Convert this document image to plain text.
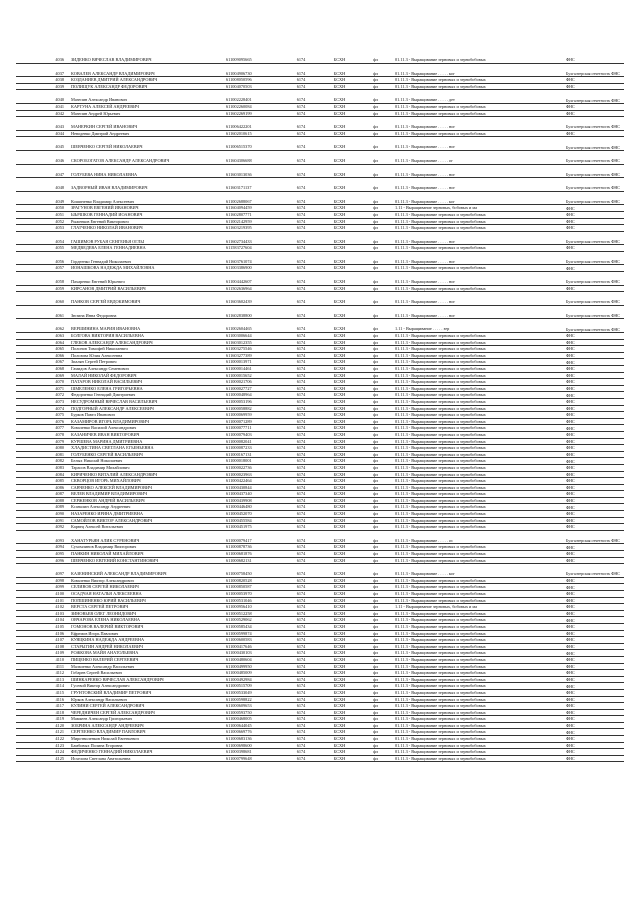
4036	ЗИДЕНКО ВЯЧЕСЛАВ ВЛАДИМИРОВИЧ	611009095665	6174	БСХН	фл	01.11.3 - Выращивание зерновых и зернобобовых	ФНС
4037	КОВАЛЕВ АЛЕКСАНДР ВЛАДИМИРОВИЧ	611004906730	6174	БСХН	фл	01.11.3 - Выращивание . . . . . ког	Бухгалтерская отчетность ФНС
4038	КОЗДАНИЕВ ДМИТРИЙ АЛЕКСАНДРОВИЧ	611008050596	6174	БСХН	фл	01.11.3 - Выращивание зерновых и зернобобовых	ФНС
4039	ПОЛИЩУК АЛЕКСАНДР ФЕДОРОВИЧ	611004070503	6174	БСХН	фл	01.11.3 - Выращивание зерновых и зернобобовых	ФНС
4040	Мазепин Александр Иванович	611002228401	6174	БСХН	фл	01.11.3 - Выращивание . . . . . дет	Бухгалтерская отчетность ФНС
4041	КАРТУНА АЛЕКСЕЙ АНДРЕЕВИЧ	611002260084	6174	БСХН	фл	01.11.3 - Выращивание зерновых и зернобобовых	ФНС
4042	Мазепин Андрей Юрьевич	611602269199	6174	БСХН	фл	01.11.3 - Выращивание зерновых и зернобобовых	ФНС
4043	МАНЕРКИН СЕРГЕЙ ИВАНОВИЧ	611006422201	6174	БСХН	фл	01.11.3 - Выращивание . . . . . ног	Бухгалтерская отчетность ФНС
4044	Неводенко Дмитрий Андреевич	611602010615	6174	БСХН	фл	01.11.3 - Выращивание зерновых и зернобобовых	ФНС
4045	ШЕВЧЕНКО СЕРГЕЙ НИКОЛАЕВИЧ	611006515370	6174	БСХН	фл	01.11.3 - Выращивание . . . . . ног	Бухгалтерская отчетность ФНС
4046	СКОРОБОГАТОВ АЛЕКСАНДР АЛЕКСАНДРОВИЧ	611604306688	6174	БСХН	фл	01.11.3 - Выращивание . . . . . ог	Бухгалтерская отчетность ФНС
4047	ГОЛУБЕВА НИНА НИКОЛАЕВНА	611603013036	6174	БСХН	фл	01.11.3 - Выращивание . . . . . ног	Бухгалтерская отчетность ФНС
4048	ЗАДВОРНЫЙ ИВАН ВЛАДИМИРОВИЧ	611603171137	6174	БСХН	фл	01.11.3 - Выращивание . . . . . ног	Бухгалтерская отчетность ФНС
4049	Кошиненко Владимир Алексеевич	611002688067	6174	БСХН	фл	01.11.3 - Выращивание . . . . . ког	Бухгалтерская отчетность ФНС
4050	ЗРАГУНОВ ЕВГЕНИЙ ИВАНОВИЧ	611604094459	6174	БСХН	фл	1.11 - Выращивание зерновых, бобовых и ма	ФНС
4051	ЫЬРШКОВ ГЕННАДИЙ ИОАНОВИЧ	611602807771	6174	БСХН	фл	01.11.3 - Выращивание зерновых и зернобобовых	ФНС
4052	Рыженков Евгений Викторович	611002142959	6174	БСХН	фл	01.11.3 - Выращивание зерновых и зернобобовых	ФНС
4053	ГЛАТЧЕНКО НИКОЛАЙ ИВАНОВИЧ	611603219395	6174	БСХН	фл	01.11.3 - Выращивание зерновых и зернобобовых	ФНС
4054	ГАШИМОВ РУБАЯ СЕНГЕИЬЯ ОГЛЫ	611602734433	6174	БСХН	фл	01.11.3 - Выращивание . . . . . ног	Бухгалтерская отчетность ФНС
4055	МЕДВЕДЕВА ЕЛЕНА ГЕННАДИЕВНА	611583727604	6174	БСХН	фл	01.11.3 - Выращивание зерновых и зернобобовых	ФНС
4056	Гордеенко Геннадий Николаевич	611603761074	6174	БСХН	фл	01.11.3 - Выращивание . . . . . ног	Бухгалтерская отчетность ФНС
4057	ИОНАШКОВА НАДЕЖДА МИХАЙЛОВНА	611003386900	6174	БСХН	фл	01.11.3 - Выращивание зерновых и зернобобовых	ФНС
4058	Пахаренко Евгений Юрьевич	611004442607	6174	БСХН	фл	01.11.3 - Выращивание . . . . . ног	Бухгалтерская отчетность ФНС
4059	КИРСАНОВ ДМИТРИЙ ВАСИЛЬЕВИЧ	611502636964	6174	БСХН	фл	01.11.3 - Выращивание зерновых и зернобобовых	ФНС
4060	ПАНКОВ СЕРГЕЙ ЕВДОКИМОВИЧ	611603602439	6174	БСХН	фл	01.11.3 - Выращивание . . . . . ног	Бухгалтерская отчетность ФНС
4061	Зюзина Инна Федоровна	611602838800	6174	БСХН	фл	01.11.3 - Выращивание . . . . . ног	Бухгалтерская отчетность ФНС
4062	ВЕРШИНИНА МАРИЯ ИВАНОВНА	611002604465	6174	БСХН	фл	1.11 - Выращивание . . . . . зер	Бухгалтерская отчетность ФНС
4063	БОЛГОВА ВИКТОРИЯ ВАСИЛЬЕВНА	611003006644	6174	БСХН	фл	01.11.3 - Выращивание зерновых и зернобобовых	ФНС
4064	ГЛЕКОВ АЛЕКСАНДР АЛЕКСАНДРОВИЧ	611603012355	6174	БСХН	фл	01.11.3 - Выращивание зерновых и зернобобовых	ФНС
4065	Полонов Тимофей Николаевич	611003275546	6174	БСХН	фл	01.11.3 - Выращивание зерновых и зернобобовых	ФНС
4066	Полозова Юлия Алексеевна	611603277389	6174	БСХН	фл	01.11.3 - Выращивание зерновых и зернобобовых	ФНС
4067	Зиалян Сергей Петрович	611000013971	6174	БСХН	фл	01.11.3 - Выращивание зерновых и зернобобовых	ФНС
4068	Гамидов Александр Семенович	611000014461	6174	БСХН	фл	01.11.3 - Выращивание зерновых и зернобобовых	ФНС
4069	МАЛАЙ НИКОЛАЙ ФЕДОРОВИЧ	611000015652	6174	БСХН	фл	01.11.3 - Выращивание зерновых и зернобобовых	ФНС
4070	ПАТАРОВ НИКОЛАЙ ВАСИЛЬЕВИЧ	611000021706	6174	БСХН	фл	01.11.3 - Выращивание зерновых и зернобобовых	ФНС
4071	ШМЕЛЕНКО ЕЛЕНА ГРИГОРЬЕВНА	611000027727	6174	БСХН	фл	01.11.3 - Выращивание зерновых и зернобобовых	ФНС
4072	Федорченко Геннадий Дмитриевич	611000048964	6174	БСХН	фл	01.11.3 - Выращивание зерновых и зернобобовых	ФНС
4073	НЕСУДРОМНЫЙ ВЯЧЕСЛАВ ВАСИЛЬЕВИЧ	611000053196	6174	БСХН	фл	01.11.3 - Выращивание зерновых и зернобобовых	ФНС
4074	ПОДГОРНЫЙ АЛЕКСАНДР АЛЕКСЕЕВИЧ	611000058882	6174	БСХН	фл	01.11.3 - Выращивание зерновых и зернобобовых	ФНС
4075	Бурков Павел Иванович	611000069959	6174	БСХН	фл	01.11.3 - Выращивание зерновых и зернобобовых	ФНС
4076	КАЗАМИРОВ ИГОРЬ ВЛАДИМИРОВИЧ	611000071289	6174	БСХН	фл	01.11.3 - Выращивание зерновых и зернобобовых	ФНС
4077	Коваленко Василий Александрович	611000077711	6174	БСХН	фл	01.11.3 - Выращивание зерновых и зернобобовых	ФНС
4078	КАЗАНИЧЕВ ИВАН ВИКТОРОВИЧ	611000079403	6174	БСХН	фл	01.11.3 - Выращивание зерновых и зернобобовых	ФНС
4079	КУРШЕВА МАРИНА ДМИТРИЕВНА	611000082041	6174	БСХН	фл	01.11.3 - Выращивание зерновых и зернобобовых	ФНС
4080	ХЛАДИСТИНА СВЕТЛАНА ЕГЬЕНЬЕВНА	611000087233	6174	БСХН	фл	01.11.3 - Выращивание зерновых и зернобобовых	ФНС
4081	ГОЛУБЕНКО СЕРГЕЙ ВАСИЛЬЕВИЧ	611000167131	6174	БСХН	фл	01.11.3 - Выращивание зерновых и зернобобовых	ФНС
4082	Белых Николай Николаевич	611000018001	6174	БСХН	фл	01.11.3 - Выращивание зерновых и зернобобовых	ФНС
4083	Тарасов Владимир Михайлович	611000022736	6174	БСХН	фл	01.11.3 - Выращивание зерновых и зернобобовых	ФНС
4084	КИРИЧЕНКО ВИТАЛИЙ АЛЕКСАНДРОВИЧ	611000023963	6174	БСХН	фл	01.11.3 - Выращивание зерновых и зернобобовых	ФНС
4085	СКВОРЦОВ ИГОРЬ МИХАЙЛОВИЧ	611000422464	6174	БСХН	фл	01.11.3 - Выращивание зерновых и зернобобовых	ФНС
4086	САВЧЕНКО АЛЕКСЕЙ ВЛАДИМИРОВИЧ	611000430844	6174	БСХН	фл	01.11.3 - Выращивание зерновых и зернобобовых	ФНС
4087	ВЕЛЕВ ВЛАДИМИР ВЛАДИМИРОВИЧ	611000437340	6174	БСХН	фл	01.11.3 - Выращивание зерновых и зернобобовых	ФНС
4088	СЕРЖЕНКОВ АНДРЕЙ ВАСИЛЬЕВИЧ	611000439908	6174	БСХН	фл	01.11.3 - Выращивание зерновых и зернобобовых	ФНС
4089	Ксаналин Александр Андреевич	611000446480	6174	БСХН	фл	01.11.3 - Выращивание зерновых и зернобобовых	ФНС
4090	НАЗАРЕНКО ИРИНА ДМИТРИЕВНА	611000452070	6174	БСХН	фл	01.11.3 - Выращивание зерновых и зернобобовых	ФНС
4091	САМОЙЛОВ ВИКТОР АЛЕКСАНДРОВИЧ	611000455584	6174	БСХН	фл	01.11.3 - Выращивание зерновых и зернобобовых	ФНС
4092	Карвец Алексей Витальевич	611000451975	6174	БСХН	фл	01.11.3 - Выращивание зерновых и зернобобовых	ФНС
4093	ХАНАТУРЬЯН АЛИК СУРЕНОВИЧ	611000079417	6174	БСХН	фл	01.11.3 - Выращивание . . . . . ос	Бухгалтерская отчетность ФНС
4094	Сухомлинов Владимир Викторович	611000878736	6174	БСХН	фл	01.11.3 - Выращивание зерновых и зернобобовых	ФНС
4095	ПАНКИН НИКОЛАЙ МИХАЙЛОВИЧ	611000681876	6174	БСХН	фл	01.11.3 - Выращивание зерновых и зернобобовых	ФНС
4096	ШЕВЧЕНКО ЕВГЕНИЙ КОНСТАНТИНОВИЧ	611000682131	6174	БСХН	фл	01.11.3 - Выращивание зерновых и зернобобовых	ФНС
4097	КАЗЕНИНСКИЙ АЛЕКСАНДР ВЛАДИМИРОВИЧ	611000758450	6174	БСХН	фл	01.11.3 - Выращивание . . . . . ког	Бухгалтерская отчетность ФНС
4098	Коваленко Виктор Александрович	611000820528	6174	БСХН	фл	01.11.3 - Выращивание зерновых и зернобобовых	ФНС
4099	СЕЛИВОВ СЕРГЕЙ НИКОЛАЕВИЧ	611000850587	6174	БСХН	фл	01.11.3 - Выращивание зерновых и зернобобовых	ФНС
4100	ОСАДЧАЯ НАТАЛЬЯ АЛЕКСЕЕВНА	611000053970	6174	БСХН	фл	01.11.3 - Выращивание зерновых и зернобобовых	ФНС
4101	ПОПШИНЕНКО ЮРИЙ ВАСИЛЬЕВИЧ	611000531046	6174	БСХН	фл	01.11.3 - Выращивание зерновых и зернобобовых	ФНС
4102	ВЕРСТА СЕРГЕЙ ПЕТРОВИЧ	611000956410	6174	БСХН	фл	1.11 - Выращивание зерновых, бобовых и ма	ФНС
4103	ЗИНОВЬЕВ ОЛЕГ ЛЕОНИДОВИЧ	611000512258	6174	БСХН	фл	01.11.3 - Выращивание зерновых и зернобобовых	ФНС
4104	ОВЧАРОВА ЕЛЕНА НИКОЛАЕВНА	611000529062	6174	БСХН	фл	01.11.3 - Выращивание зерновых и зернобобовых	ФНС
4105	ГОМОНОВ ВАЛЕРИЙ ВИКТОРОВИЧ	611000585434	6174	БСХН	фл	01.11.3 - Выращивание зерновых и зернобобовых	ФНС
4106	Ефремов Игорь Павлович	611000599874	6174	БСХН	фл	01.11.3 - Выращивание зерновых и зернобобовых	ФНС
4107	КУЯЦКИНА НАДЕЖДА АНДРЕЕВНА	611000600583	6174	БСХН	фл	01.11.3 - Выращивание зерновых и зернобобовых	ФНС
4108	СТАРЫГИН АНДРЕЙ НИКОЛАЕВИЧ	611000417646	6174	БСХН	фл	01.11.3 - Выращивание зерновых и зернобобовых	ФНС
4109	РОЖКОВА МАЙЯ АНАТОЛЬЕВНА	611000430103	6174	БСХН	фл	01.11.3 - Выращивание зерновых и зернобобовых	ФНС
4110	ПИЦЕНКО ВАЛЕРИЙ СЕРГЕЕВИЧ	611000480604	6174	БСХН	фл	01.11.3 - Выращивание зерновых и зернобобовых	ФНС
4111	Мальченко Александр Васильевич	611000499950	6174	БСХН	фл	01.11.3 - Выращивание зерновых и зернобобовых	ФНС
4112	Гобарев Сергей Васильевич	611000485009	6174	БСХН	фл	01.11.3 - Выращивание зерновых и зернобобовых	ФНС
4113	ШИНКАРЕНКО ВЯЧЕСЛАВ АЛЕКСАНДРОВИЧ	611000492984	6174	БСХН	фл	01.11.3 - Выращивание зерновых и зернобобовых	ФНС
4114	Гусевой Виктор Александрович	611000515709	6174	БСХН	фл	01.11.3 - Выращивание зерновых и зернобобовых	ФНС
4115	ГРУНТОВСКИЙ ВЛАДИМИР ПЕТРОВИЧ	611000533049	6174	БСХН	фл	01.11.3 - Выращивание зерновых и зернобобовых	ФНС
4116	Юрков Александр Васильевич	611000598822	6174	БСХН	фл	01.11.3 - Выращивание зерновых и зернобобовых	ФНС
4117	КУЛИНИ СЕРГЕЙ АЛЕКСАНДРОВИЧ	611000609653	6174	БСХН	фл	01.11.3 - Выращивание зерновых и зернобобовых	ФНС
4118	ЧЕРЕДНИЧЕН СЕРГЕЙ АЛЕКСАНДРОВИЧ	611000593750	6174	БСХН	фл	01.11.3 - Выращивание зерновых и зернобобовых	ФНС
4119	Мамкеев Александр Григорьевич	611000468005	6174	БСХН	фл	01.11.3 - Выращивание зерновых и зернобобовых	ФНС
4120	ЗОБРИНА АЛЕКСАНДР АНДРЕЕВИЧ	611000644045	6174	БСХН	фл	01.11.3 - Выращивание зерновых и зернобобовых	ФНС
4121	СЕРГЕЕНКО ВЛАДИМИР ПАВЛОВИЧ	611000669776	6174	БСХН	фл	01.11.3 - Выращивание зерновых и зернобобовых	ФНС
4122	Миротвиленков Николай Евгеньевич	611000683136	6174	БСХН	фл	01.11.3 - Выращивание зерновых и зернобобовых	ФНС
4123	Бамбовых Полина Егоровна	611000698600	6174	БСХН	фл	01.11.3 - Выращивание зерновых и зернобобовых	ФНС
4124	ФЕДИЧЕНКО ГЕННАДИЙ НИКОЛАЕВИЧ	611000398681	6174	БСХН	фл	01.11.3 - Выращивание зерновых и зернобобовых	ФНС
4125	Исхелова Светлана Анатольевна	611000799648	6174	БСХН	фл	01.11.3 - Выращивание зерновых и зернобобовых	ФНС
